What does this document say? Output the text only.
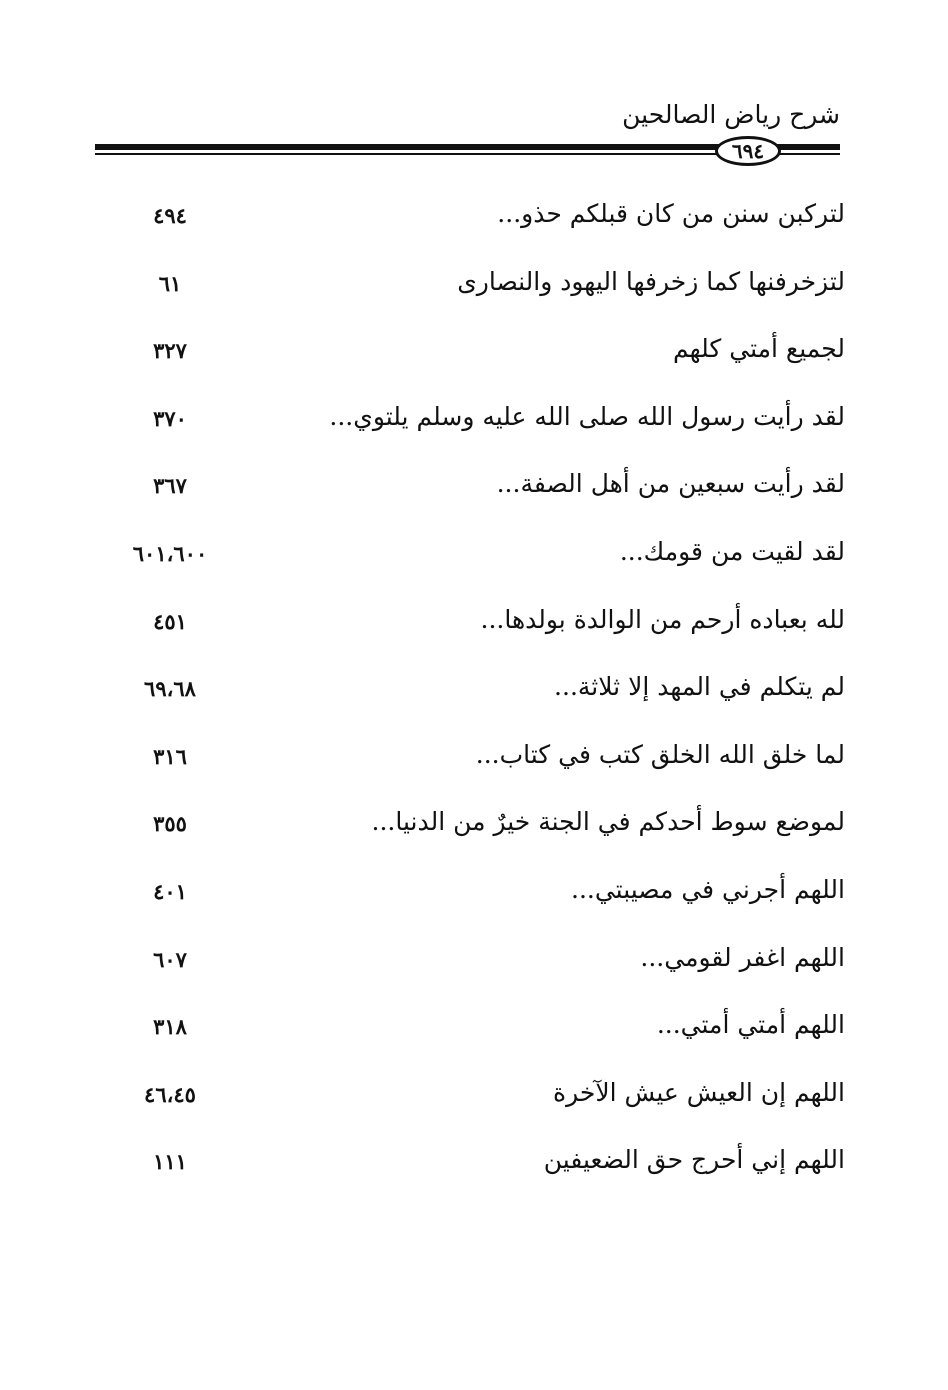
شرح رياض الصالحين
٦٩٤
لتركبن سنن من كان قبلكم حذو...
٤٩٤
لتزخرفنها كما زخرفها اليهود والنصارى
٦١
لجميع أمتي كلهم
٣٢٧
لقد رأيت رسول الله صلى الله عليه وسلم يلتوي...
٣٧٠
لقد رأيت سبعين من أهل الصفة...
٣٦٧
لقد لقيت من قومك...
٦٠١،٦٠٠
لله بعباده أرحم من الوالدة بولدها...
٤٥١
لم يتكلم في المهد إلا ثلاثة...
٦٩،٦٨
لما خلق الله الخلق كتب في كتاب...
٣١٦
لموضع سوط أحدكم في الجنة خيرٌ من الدنيا...
٣٥٥
اللهم أجرني في مصيبتي...
٤٠١
اللهم اغفر لقومي...
٦٠٧
اللهم أمتي أمتي...
٣١٨
اللهم إن العيش عيش الآخرة
٤٦،٤٥
اللهم إني أحرج حق الضعيفين
١١١
